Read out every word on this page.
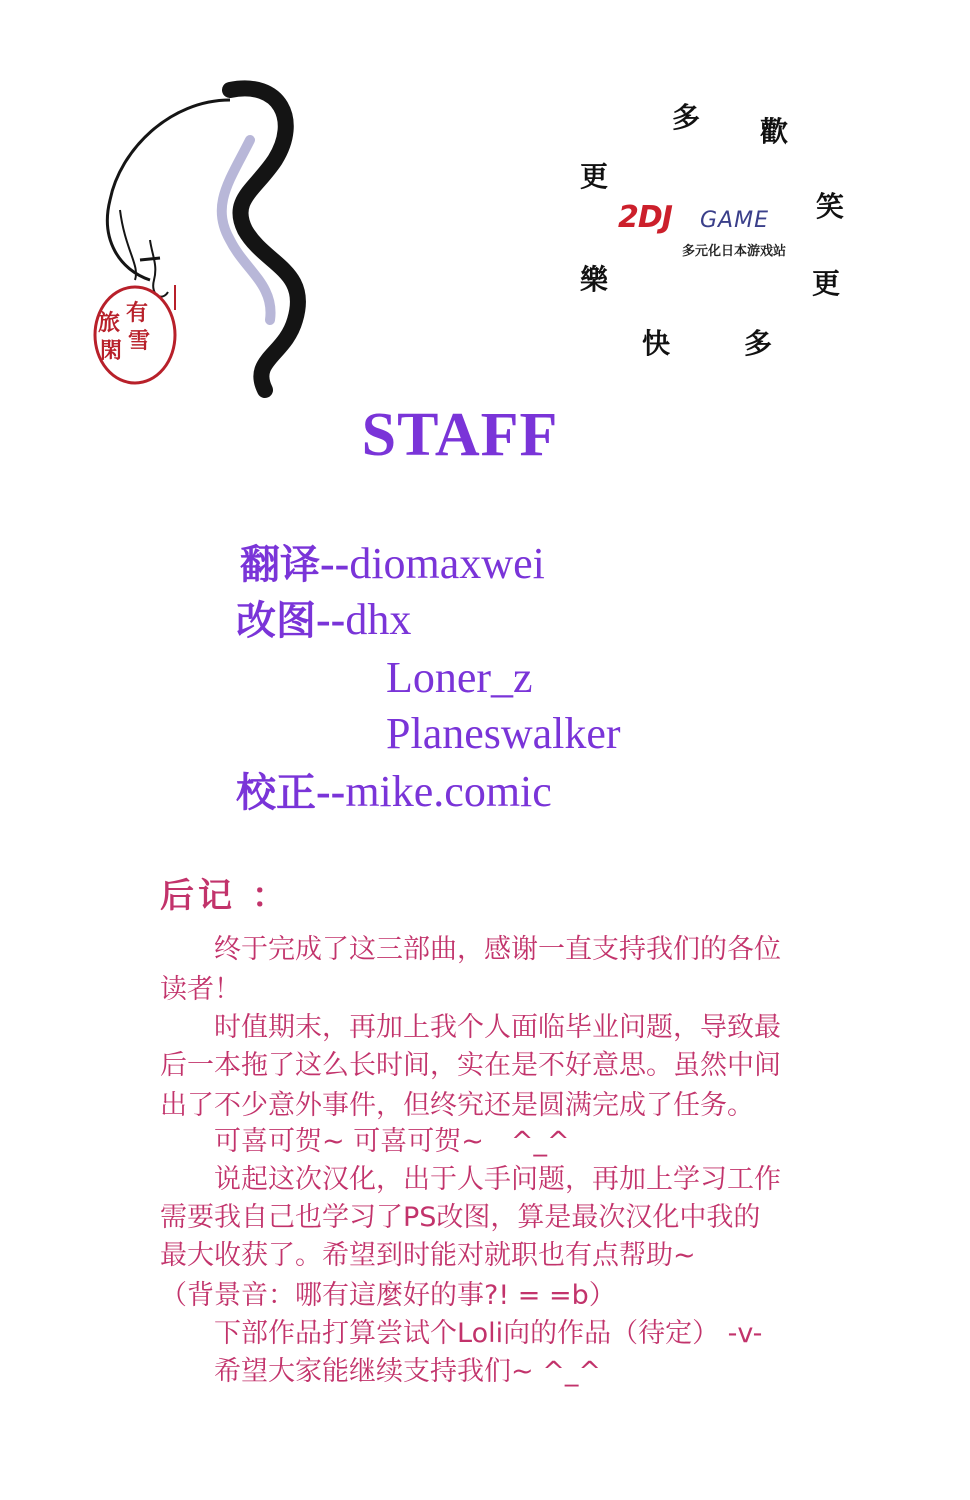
旅 有
雪
閑
多 歡
笑
更
多
快
樂
更
2DJ GAME
多元化日本游戏站
STAFF
翻译--diomaxwei
改图--dhx
Loner_z
Planeswalker
校正--mike.comic
后记 ：
　　终于完成了这三部曲，感谢一直支持我们的各位
读者！
　　时值期末，再加上我个人面临毕业问题，导致最
后一本拖了这么长时间，实在是不好意思。虽然中间
出了不少意外事件，但终究还是圆满完成了任务。
　　可喜可贺~ 可喜可贺~　^_^
　　说起这次汉化，出于人手问题，再加上学习工作
需要我自己也学习了PS改图，算是最次汉化中我的
最大收获了。希望到时能对就职也有点帮助~
（背景音：哪有這麼好的事?! = =b）
　　下部作品打算尝试个Loli向的作品（待定） -v-
　　希望大家能继续支持我们~ ^_^
